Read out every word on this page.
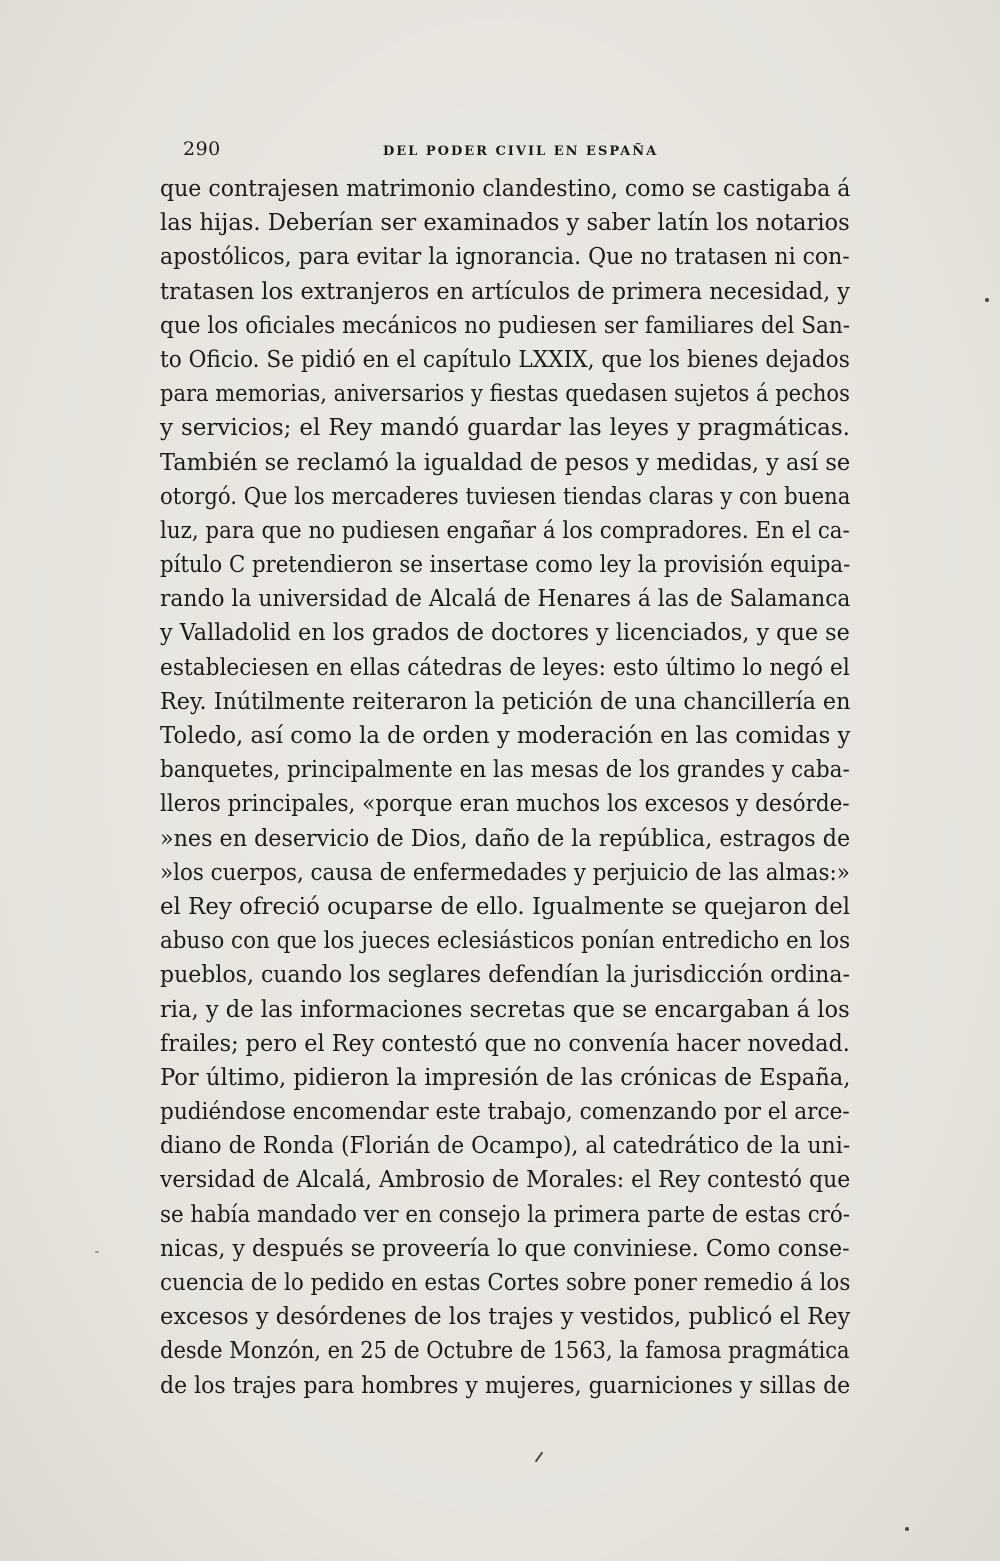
290	DEL PODER CIVIL EN ESPAÑA
que contrajesen matrimonio clandestino, como se castigaba á
las hijas. Deberían ser examinados y saber latín los notarios
apostólicos, para evitar la ignorancia. Que no tratasen ni con-
tratasen los extranjeros en artículos de primera necesidad, y
que los oficiales mecánicos no pudiesen ser familiares del San-
to Oficio. Se pidió en el capítulo LXXIX, que los bienes dejados
para memorias, aniversarios y fiestas quedasen sujetos á pechos
y servicios; el Rey mandó guardar las leyes y pragmáticas.
También se reclamó la igualdad de pesos y medidas, y así se
otorgó. Que los mercaderes tuviesen tiendas claras y con buena
luz, para que no pudiesen engañar á los compradores. En el ca-
pítulo C pretendieron se insertase como ley la provisión equipa-
rando la universidad de Alcalá de Henares á las de Salamanca
y Valladolid en los grados de doctores y licenciados, y que se
estableciesen en ellas cátedras de leyes: esto último lo negó el
Rey. Inútilmente reiteraron la petición de una chancillería en
Toledo, así como la de orden y moderación en las comidas y
banquetes, principalmente en las mesas de los grandes y caba-
lleros principales, «porque eran muchos los excesos y desórde-
»nes en deservicio de Dios, daño de la república, estragos de
»los cuerpos, causa de enfermedades y perjuicio de las almas:»
el Rey ofreció ocuparse de ello. Igualmente se quejaron del
abuso con que los jueces eclesiásticos ponían entredicho en los
pueblos, cuando los seglares defendían la jurisdicción ordina-
ria, y de las informaciones secretas que se encargaban á los
frailes; pero el Rey contestó que no convenía hacer novedad.
Por último, pidieron la impresión de las crónicas de España,
pudiéndose encomendar este trabajo, comenzando por el arce-
diano de Ronda (Florián de Ocampo), al catedrático de la uni-
versidad de Alcalá, Ambrosio de Morales: el Rey contestó que
se había mandado ver en consejo la primera parte de estas cró-
nicas, y después se proveería lo que conviniese. Como conse-
cuencia de lo pedido en estas Cortes sobre poner remedio á los
excesos y desórdenes de los trajes y vestidos, publicó el Rey
desde Monzón, en 25 de Octubre de 1563, la famosa pragmática
de los trajes para hombres y mujeres, guarniciones y sillas de
